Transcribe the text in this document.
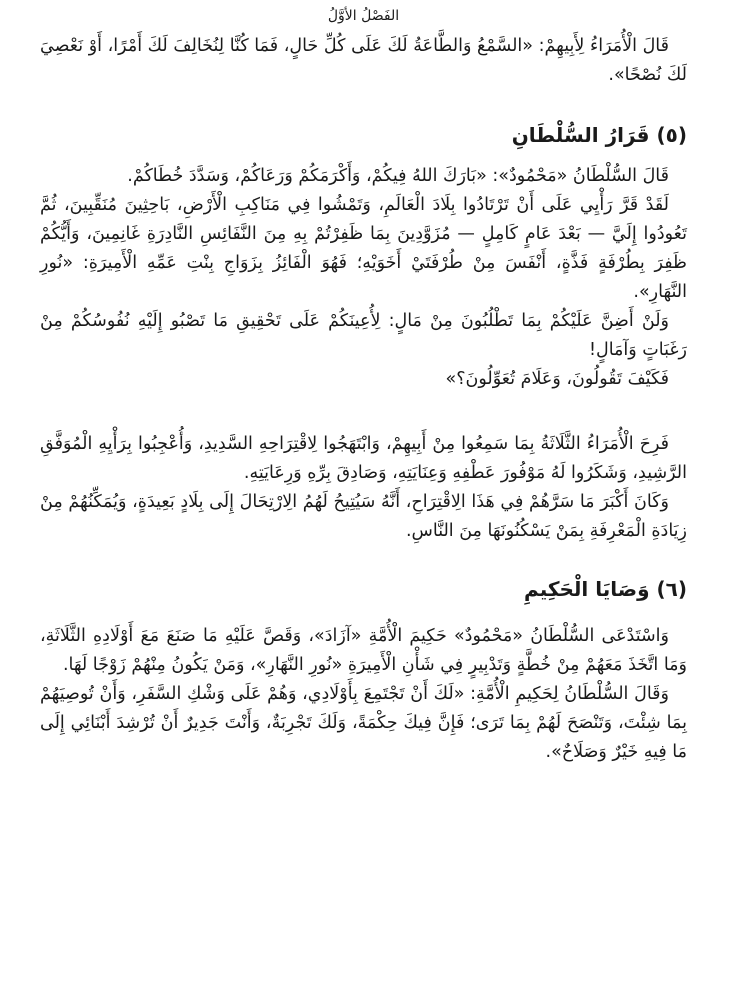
الفَصْلُ الأوَّلُ

قَالَ الْأُمَرَاءُ لِأَبِيهِمْ: «السَّمْعُ وَالطَّاعَةُ لَكَ عَلَى كُلِّ حَالٍ، فَمَا كُنَّا لِنُخَالِفَ لَكَ أَمْرًا، أَوْ نَعْصِيَ لَكَ نُصْحًا».

(٥) قَرَارُ السُّلْطَانِ

قَالَ السُّلْطَانُ «مَحْمُودٌ»: «بَارَكَ اللهُ فِيكُمْ، وَأَكْرَمَكُمْ وَرَعَاكُمْ، وَسَدَّدَ خُطَاكُمْ.

لَقَدْ قَرَّ رَأْيِي عَلَى أَنْ تَرْتَادُوا بِلَادَ الْعَالَمِ، وَتَمْشُوا فِي مَنَاكِبِ الْأَرْضِ، بَاحِثِينَ مُنَقِّبِينَ، ثُمَّ تَعُودُوا إِلَيَّ — بَعْدَ عَامٍ كَامِلٍ — مُزَوَّدِينَ بِمَا ظَفِرْتُمْ بِهِ مِنَ النَّفَائِسِ النَّادِرَةِ غَانِمِينَ، وَأَيُّكُمْ ظَفِرَ بِطُرْفَةٍ فَذَّةٍ، أَنْفَسَ مِنْ طُرْفَتَيْ أَخَوَيْهِ؛ فَهُوَ الْفَائِزُ بِزَوَاجِ بِنْتِ عَمِّهِ الْأَمِيرَةِ: «نُورِ النَّهَارِ».

وَلَنْ أَضِنَّ عَلَيْكُمْ بِمَا تَطْلُبُونَ مِنْ مَالٍ: لِأُعِينَكُمْ عَلَى تَحْقِيقِ مَا تَصْبُو إِلَيْهِ نُفُوسُكُمْ مِنْ رَغَبَاتٍ وَآمَالٍ!

فَكَيْفَ تَقُولُونَ، وَعَلَامَ تُعَوِّلُونَ؟»

فَرِحَ الْأُمَرَاءُ الثَّلَاثَةُ بِمَا سَمِعُوا مِنْ أَبِيهِمْ، وَابْتَهَجُوا لِاقْتِرَاحِهِ السَّدِيدِ، وَأُعْجِبُوا بِرَأْيِهِ الْمُوَفَّقِ الرَّشِيدِ، وَشَكَرُوا لَهُ مَوْفُورَ عَطْفِهِ وَعِنَايَتِهِ، وَصَادِقَ بِرِّهِ وَرِعَايَتِهِ.

وَكَانَ أَكْبَرَ مَا سَرَّهُمْ فِي هَذَا الِاقْتِرَاحِ، أَنَّهُ سَيُتِيحُ لَهُمُ الِارْتِحَالَ إِلَى بِلَادٍ بَعِيدَةٍ، وَيُمَكِّنُهُمْ مِنْ زِيَادَةِ الْمَعْرِفَةِ بِمَنْ يَسْكُنُونَهَا مِنَ النَّاسِ.

(٦) وَصَايَا الْحَكِيمِ

وَاسْتَدْعَى السُّلْطَانُ «مَحْمُودٌ» حَكِيمَ الْأُمَّةِ «آزَادَ»، وَقَصَّ عَلَيْهِ مَا صَنَعَ مَعَ أَوْلَادِهِ الثَّلَاثَةِ، وَمَا اتَّخَذَ مَعَهُمْ مِنْ خُطَّةٍ وَتَدْبِيرٍ فِي شَأْنِ الْأَمِيرَةِ «نُورِ النَّهَارِ»، وَمَنْ يَكُونُ مِنْهُمْ زَوْجًا لَهَا.

وَقَالَ السُّلْطَانُ لِحَكِيمِ الْأُمَّةِ: «لَكَ أَنْ تَجْتَمِعَ بِأَوْلَادِي، وَهُمْ عَلَى وَشْكِ السَّفَرِ، وَأَنْ تُوصِيَهُمْ بِمَا شِئْتَ، وَتَنْصَحَ لَهُمْ بِمَا تَرَى؛ فَإِنَّ فِيكَ حِكْمَةً، وَلَكَ تَجْرِبَةٌ، وَأَنْتَ جَدِيرٌ أَنْ تُرْشِدَ أَبْنَائِي إِلَى مَا فِيهِ خَيْرٌ وَصَلَاحٌ».
